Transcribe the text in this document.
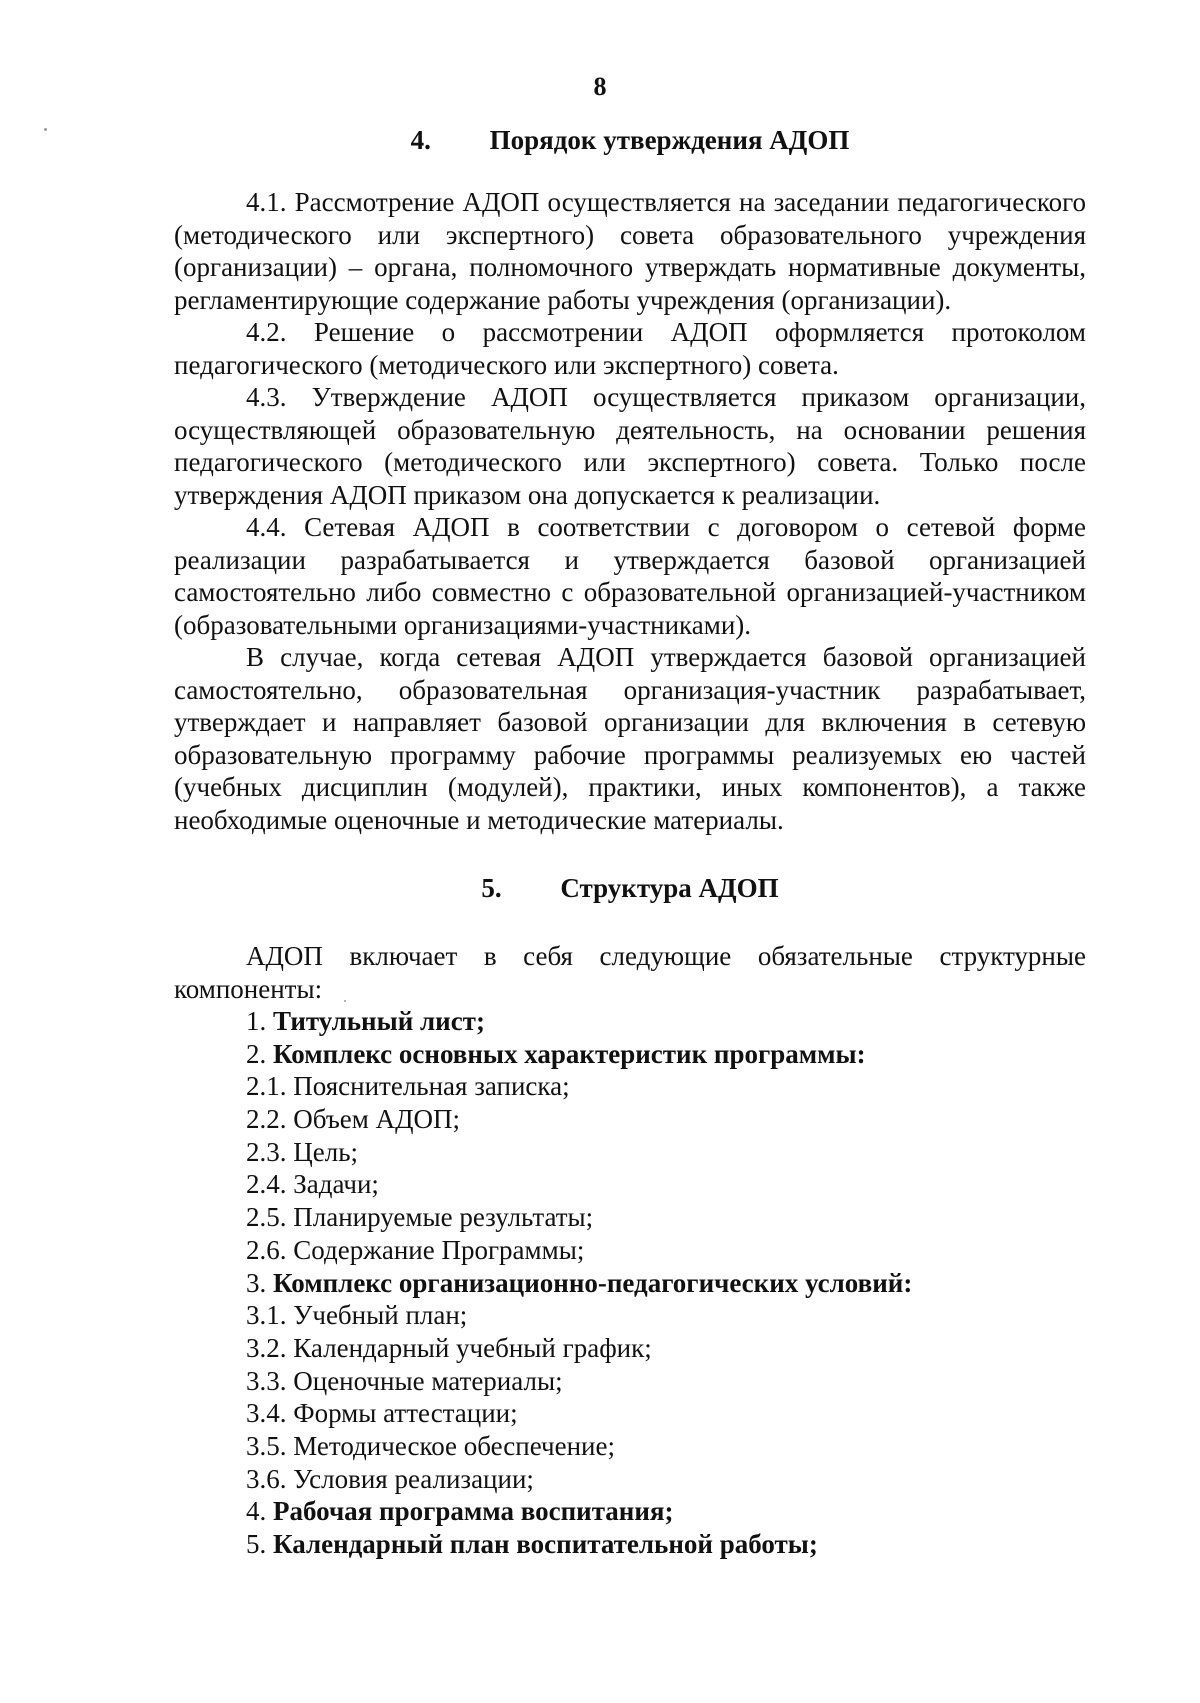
8
4. Порядок утверждения АДОП

4.1. Рассмотрение АДОП осуществляется на заседании педагогического (методического или экспертного) совета образовательного учреждения (организации) – органа, полномочного утверждать нормативные документы, регламентирующие содержание работы учреждения (организации).

4.2. Решение о рассмотрении АДОП оформляется протоколом педагогического (методического или экспертного) совета.

4.3. Утверждение АДОП осуществляется приказом организации, осуществляющей образовательную деятельность, на основании решения педагогического (методического или экспертного) совета. Только после утверждения АДОП приказом она допускается к реализации.

4.4. Сетевая АДОП в соответствии с договором о сетевой форме реализации разрабатывается и утверждается базовой организацией самостоятельно либо совместно с образовательной организацией-участником (образовательными организациями-участниками).

В случае, когда сетевая АДОП утверждается базовой организацией самостоятельно, образовательная организация-участник разрабатывает, утверждает и направляет базовой организации для включения в сетевую образовательную программу рабочие программы реализуемых ею частей (учебных дисциплин (модулей), практики, иных компонентов), а также необходимые оценочные и методические материалы.

5. Структура АДОП

АДОП включает в себя следующие обязательные структурные компоненты:

1. Титульный лист;
2. Комплекс основных характеристик программы:
2.1. Пояснительная записка;
2.2. Объем АДОП;
2.3. Цель;
2.4. Задачи;
2.5. Планируемые результаты;
2.6. Содержание Программы;
3. Комплекс организационно-педагогических условий:
3.1. Учебный план;
3.2. Календарный учебный график;
3.3. Оценочные материалы;
3.4. Формы аттестации;
3.5. Методическое обеспечение;
3.6. Условия реализации;
4. Рабочая программа воспитания;
5. Календарный план воспитательной работы;
